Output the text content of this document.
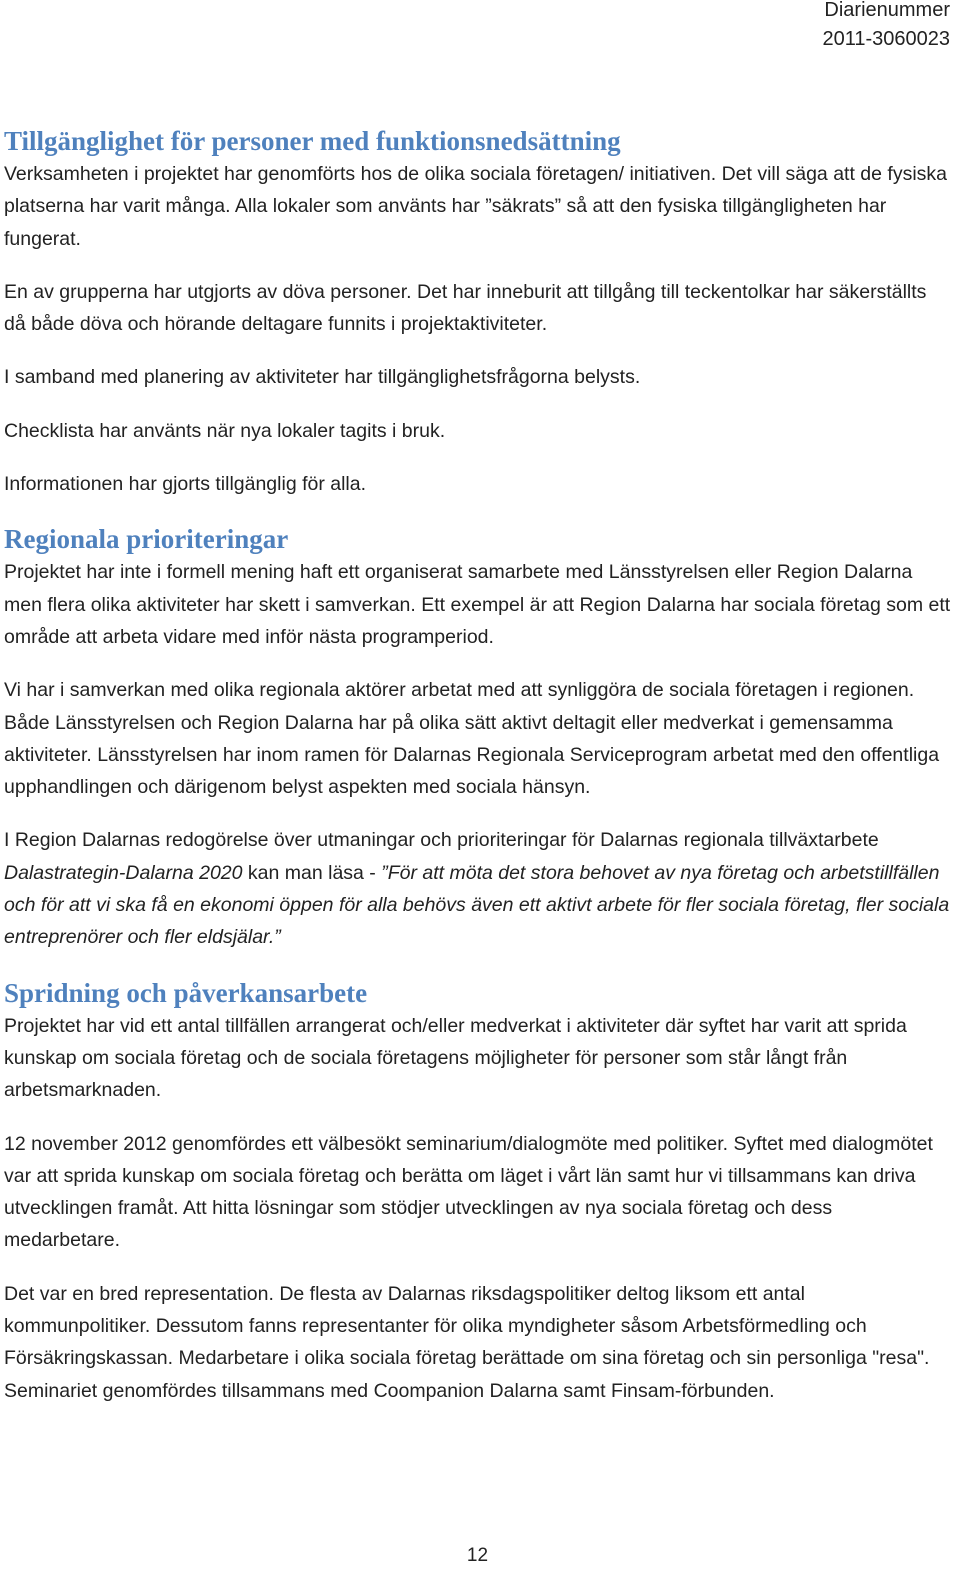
Diarienummer
2011-3060023
Tillgänglighet för personer med funktionsnedsättning

Verksamheten i projektet har genomförts hos de olika sociala företagen/ initiativen. Det vill säga att de fysiska platserna har varit många. Alla lokaler som använts har ”säkrats” så att den fysiska tillgängligheten har fungerat.

En av grupperna har utgjorts av döva personer. Det har inneburit att tillgång till teckentolkar har säkerställts då både döva och hörande deltagare funnits i projektaktiviteter.

I samband med planering av aktiviteter har tillgänglighetsfrågorna belysts.

Checklista har använts när nya lokaler tagits i bruk.

Informationen har gjorts tillgänglig för alla.

Regionala prioriteringar

Projektet har inte i formell mening haft ett organiserat samarbete med Länsstyrelsen eller Region Dalarna men flera olika aktiviteter har skett i samverkan. Ett exempel är att Region Dalarna har sociala företag som ett område att arbeta vidare med inför nästa programperiod.

Vi har i samverkan med olika regionala aktörer arbetat med att synliggöra de sociala företagen i regionen. Både Länsstyrelsen och Region Dalarna har på olika sätt aktivt deltagit eller medverkat i gemensamma aktiviteter. Länsstyrelsen har inom ramen för Dalarnas Regionala Serviceprogram arbetat med den offentliga upphandlingen och därigenom belyst aspekten med sociala hänsyn.

I Region Dalarnas redogörelse över utmaningar och prioriteringar för Dalarnas regionala tillväxtarbete Dalastrategin-Dalarna 2020 kan man läsa - ”För att möta det stora behovet av nya företag och arbetstillfällen och för att vi ska få en ekonomi öppen för alla behövs även ett aktivt arbete för fler sociala företag, fler sociala entreprenörer och fler eldsjälar.”

Spridning och påverkansarbete

Projektet har vid ett antal tillfällen arrangerat och/eller medverkat i aktiviteter där syftet har varit att sprida kunskap om sociala företag och de sociala företagens möjligheter för personer som står långt från arbetsmarknaden.

12 november 2012 genomfördes ett välbesökt seminarium/dialogmöte med politiker. Syftet med dialogmötet var att sprida kunskap om sociala företag och berätta om läget i vårt län samt hur vi tillsammans kan driva utvecklingen framåt. Att hitta lösningar som stödjer utvecklingen av nya sociala företag och dess medarbetare.

Det var en bred representation. De flesta av Dalarnas riksdagspolitiker deltog liksom ett antal kommunpolitiker. Dessutom fanns representanter för olika myndigheter såsom Arbetsförmedling och Försäkringskassan. Medarbetare i olika sociala företag berättade om sina företag och sin personliga "resa". Seminariet genomfördes tillsammans med Coompanion Dalarna samt Finsam-förbunden.

12
